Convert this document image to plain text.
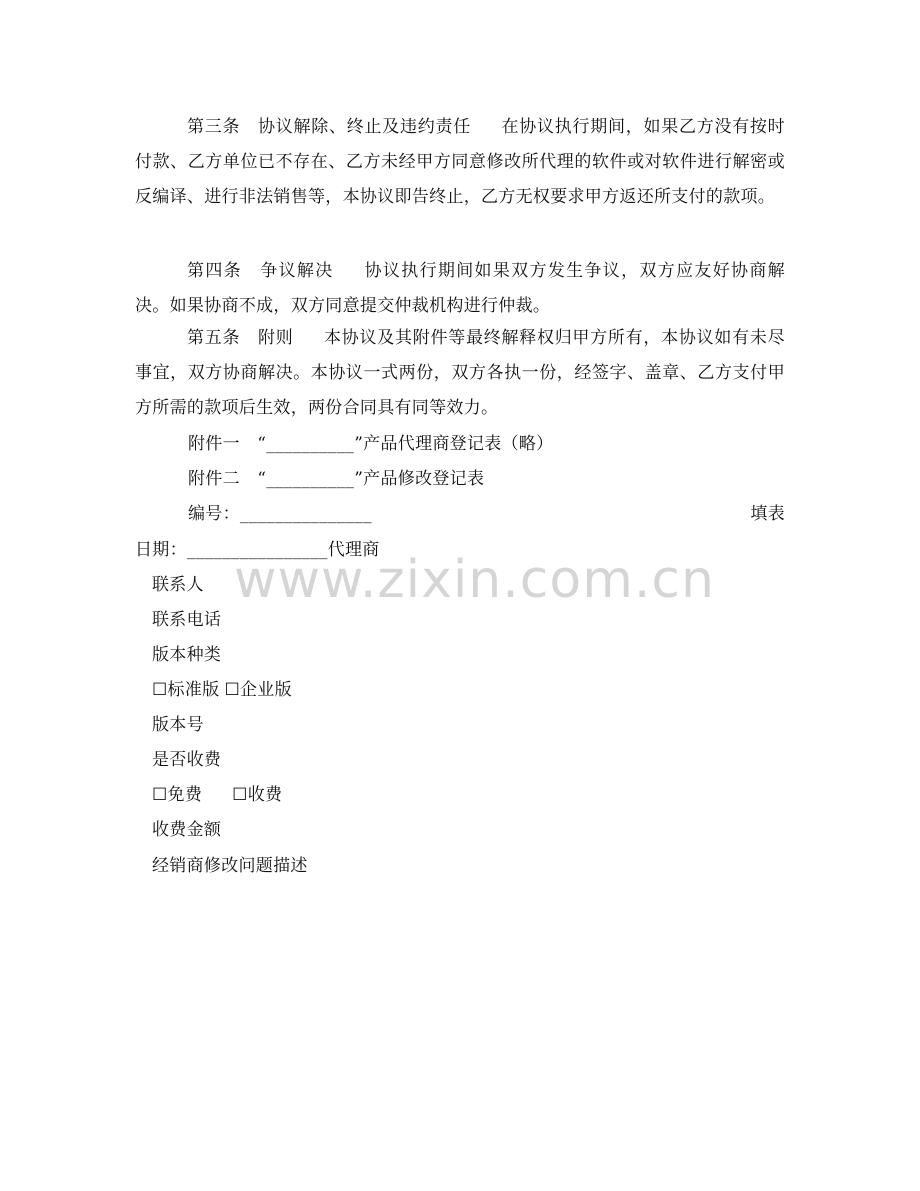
第三条　协议解除、终止及违约责任 在协议执行期间，如果乙方没有按时付款、乙方单位已不存在、乙方未经甲方同意修改所代理的软件或对软件进行解密或反编译、进行非法销售等，本协议即告终止，乙方无权要求甲方返还所支付的款项。

第四条　争议解决 协议执行期间如果双方发生争议，双方应友好协商解决。如果协商不成，双方同意提交仲裁机构进行仲裁。

第五条　附则 本协议及其附件等最终解释权归甲方所有，本协议如有未尽事宜，双方协商解决。本协议一式两份，双方各执一份，经签字、盖章、乙方支付甲方所需的款项后生效，两份合同具有同等效力。

附件一　“__________”产品代理商登记表（略）
附件二　“__________”产品修改登记表
编号：_______________	填表
日期：________________代理商
联系人
联系电话
版本种类
☐标准版 ☐企业版
版本号
是否收费
☐免费 ☐收费
收费金额
经销商修改问题描述
www.zixin.com.cn
